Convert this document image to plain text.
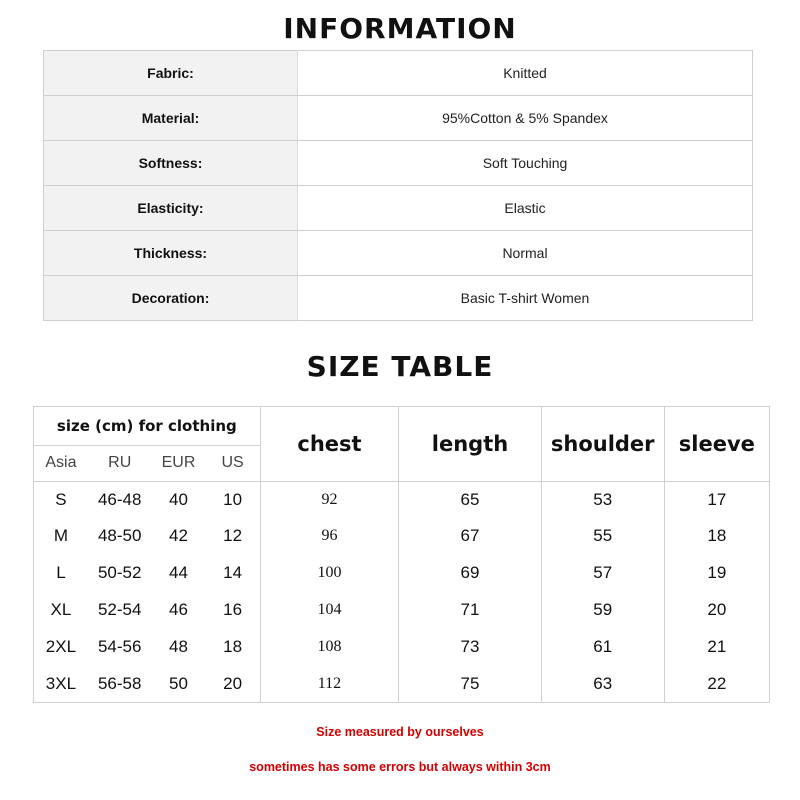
INFORMATION
Fabric:	Knitted
Material:	95%Cotton & 5% Spandex
Softness:	Soft Touching
Elasticity:	Elastic
Thickness:	Normal
Decoration:	Basic T-shirt Women
SIZE TABLE
size (cm) for clothing				chest	length	shoulder	sleeve
Asia	RU	EUR	US				
S	46-48	40	10	92	65	53	17
M	48-50	42	12	96	67	55	18
L	50-52	44	14	100	69	57	19
XL	52-54	46	16	104	71	59	20
2XL	54-56	48	18	108	73	61	21
3XL	56-58	50	20	112	75	63	22
Size measured by ourselves
sometimes has some errors but always within 3cm
